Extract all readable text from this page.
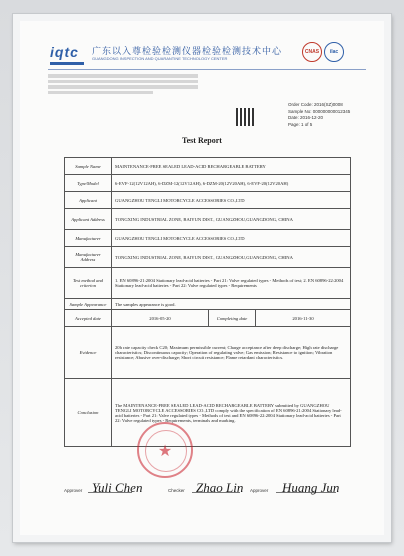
iqtc 广东以入尊检验检测仪器检验检测技术中心
GUANGDONG INSPECTION AND QUARANTINE TECHNOLOGY CENTER
CNAS	ilac
Order Code: 2016(SZ)0008
Sample No: 000000000012345
Date: 2016-12-20
Page: 1 of 5
Test Report
Sample Name	MAINTENANCE-FREE SEALED LEAD-ACID RECHARGEABLE BATTERY		
Type/Model	6-EVF-12(12V12AH), 6-DZM-12(12V12AH), 6-DZM-20(12V20AH), 6-EVF-20(12V20AH)		
Applicant	GUANGZHOU TENGLI MOTORCYCLE ACCESSORIES CO.,LTD		
Applicant Address	TONGXING INDUSTRIAL ZONE, BAIYUN DIST., GUANGZHOU,GUANGDONG, CHINA		
Manufacturer	GUANGZHOU TENGLI MOTORCYCLE ACCESSORIES CO.,LTD		
Manufacturer Address	TONGXING INDUSTRIAL ZONE, BAIYUN DIST., GUANGZHOU,GUANGDONG, CHINA		
Test method and criterion	1. EN 60896-21:2004 Stationary lead-acid batteries - Part 21: Valve regulated types - Methods of test; 2. EN 60896-22:2004 Stationary lead-acid batteries - Part 22: Valve regulated types - Requirements		
Sample Appearance	The samples appearance is good.		
Accepted date	2016-05-20	Completing date	2016-11-30
Evidence	20h rate capacity check C20; Maximum permissible current; Charge acceptance after deep discharge; High rate discharge characteristics; Discontinuous capacity; Operation of regulating valve; Gas emission; Resistance to ignition; Vibration resistance; Abusive over-discharge; Short circuit resistance; Flame retardant characteristics.		
Conclusion	The MAINTENANCE-FREE SEALED LEAD-ACID RECHARGEABLE BATTERY submitted by GUANGZHOU TENGLI MOTORCYCLE ACCESSORIES CO.,LTD comply with the specification of EN 60896-21:2004 Stationary lead-acid batteries - Part 21: Valve regulated types - Methods of test and EN 60896-22:2004 Stationary lead-acid batteries - Part 22: Valve regulated types - Requirements, terminals and marking.		
★
Approver Yuli Chen	Checker Zhao Lin Approver Huang Jun
